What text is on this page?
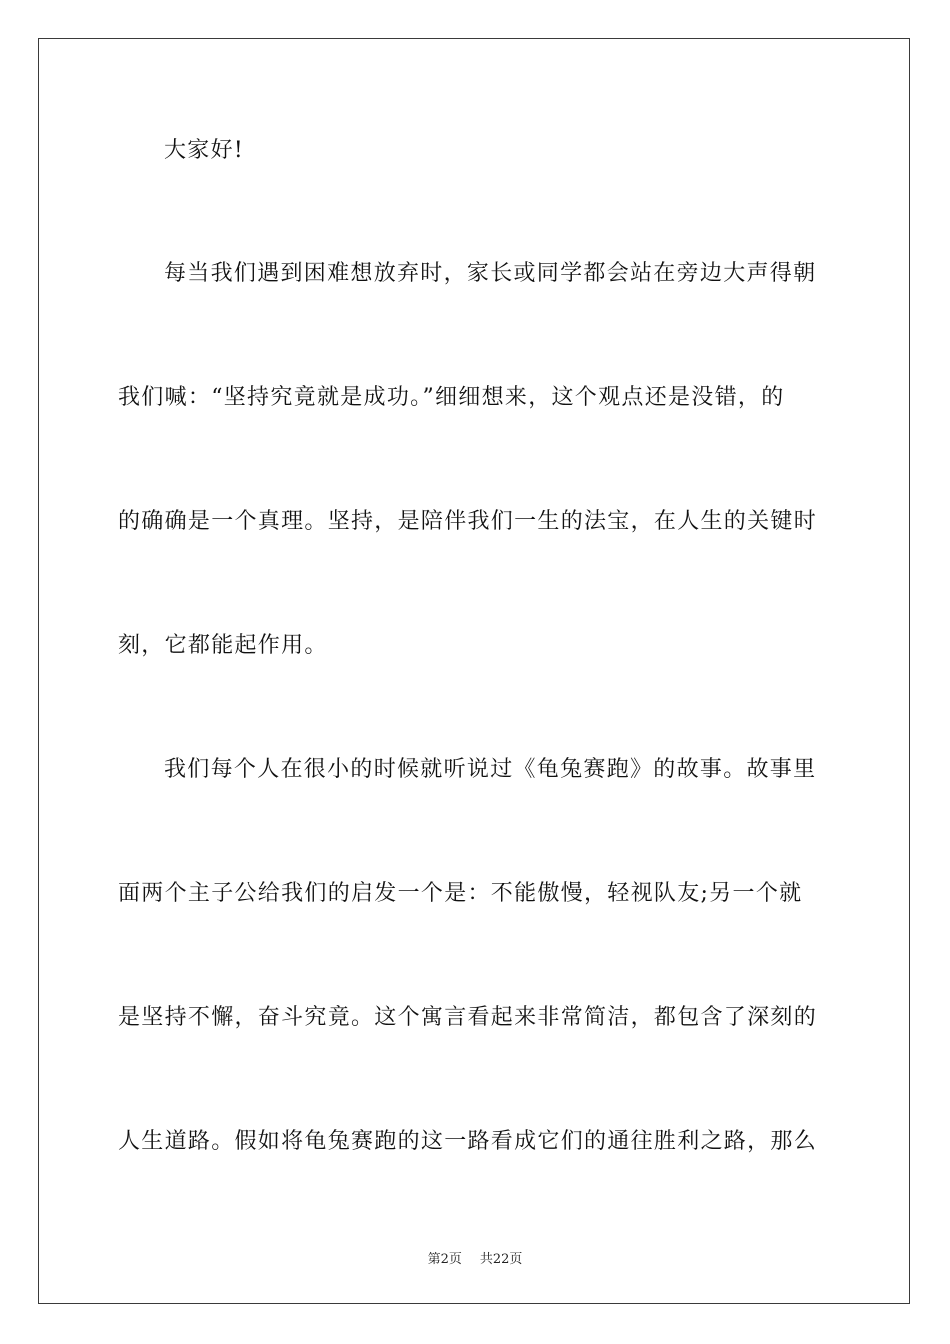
大家好!
每当我们遇到困难想放弃时，家长或同学都会站在旁边大声得朝
我们喊：“坚持究竟就是成功。”细细想来，这个观点还是没错，的
的确确是一个真理。坚持，是陪伴我们一生的法宝，在人生的关键时
刻，它都能起作用。
我们每个人在很小的时候就听说过《龟兔赛跑》的故事。故事里
面两个主子公给我们的启发一个是：不能傲慢，轻视队友;另一个就
是坚持不懈，奋斗究竟。这个寓言看起来非常简洁，都包含了深刻的
人生道路。假如将龟兔赛跑的这一路看成它们的通往胜利之路，那么
第2页 共22页
